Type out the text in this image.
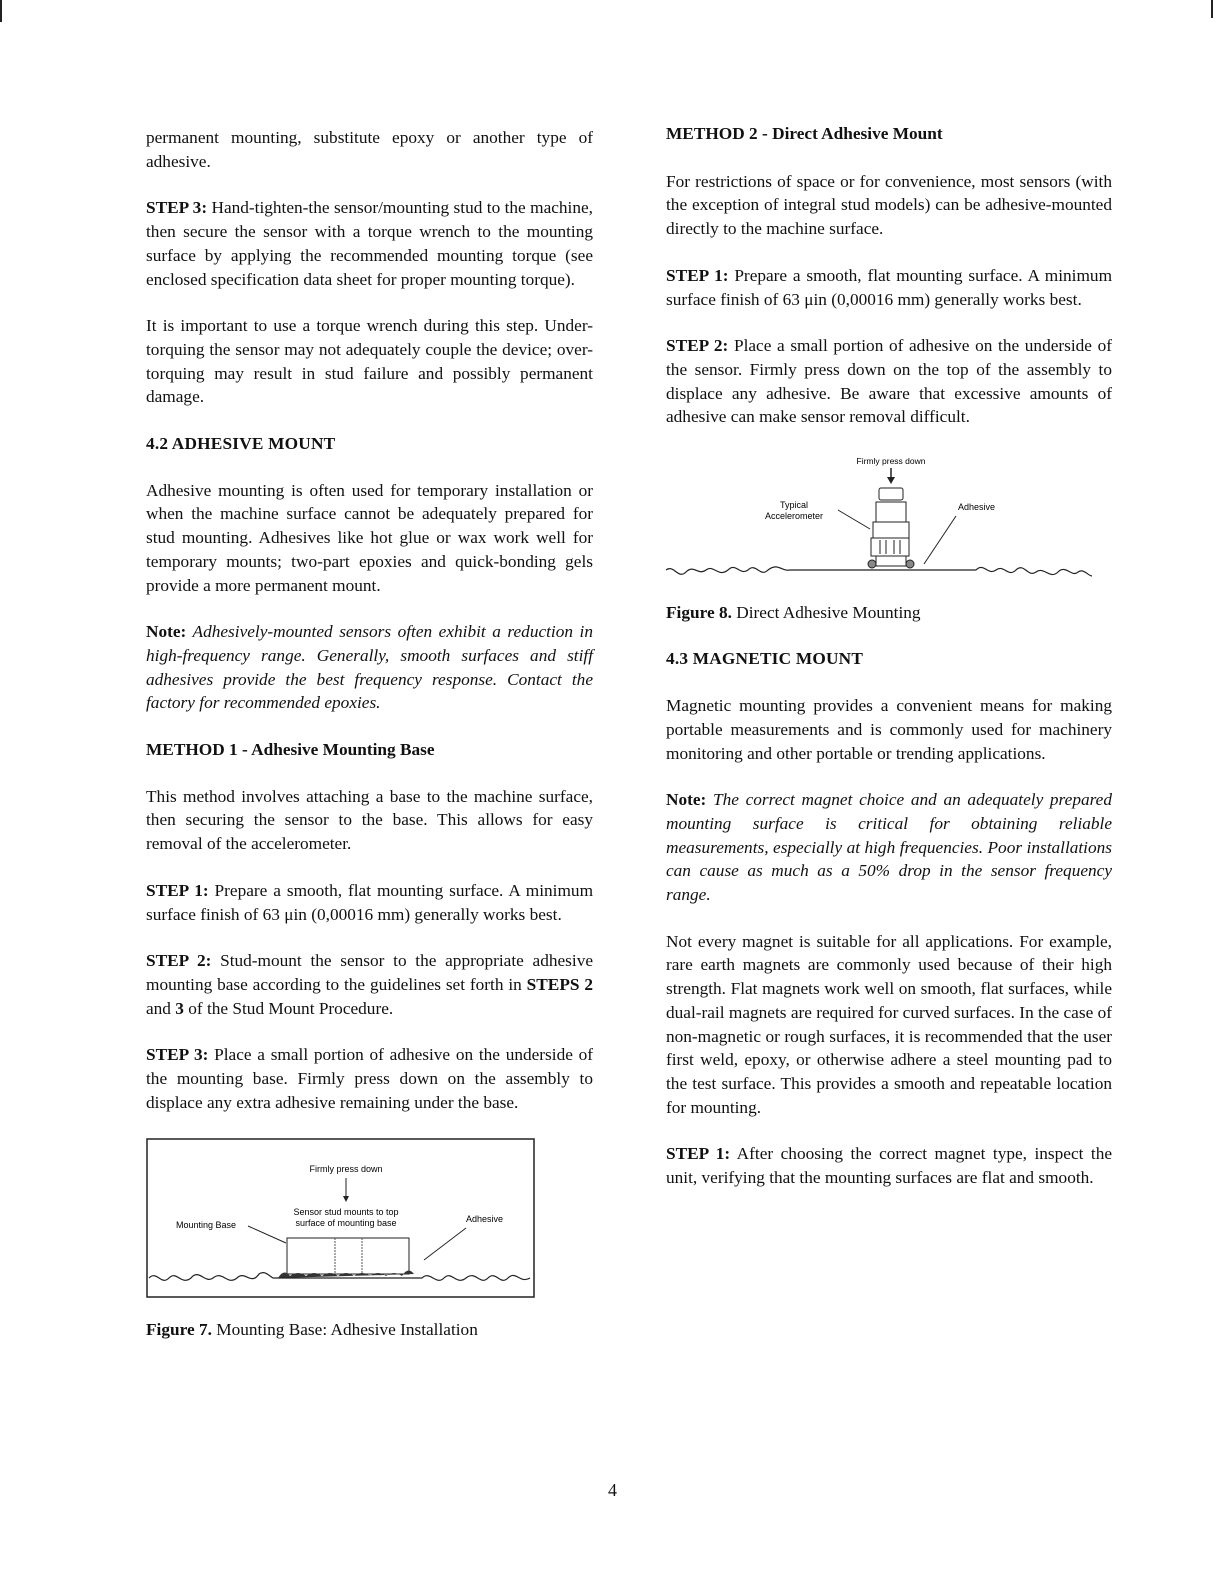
permanent mounting, substitute epoxy or another type of adhesive.

STEP 3: Hand-tighten-the sensor/mounting stud to the machine, then secure the sensor with a torque wrench to the mounting surface by applying the recommended mounting torque (see enclosed specification data sheet for proper mounting torque).

It is important to use a torque wrench during this step. Under-torquing the sensor may not adequately couple the device; over-torquing may result in stud failure and possibly permanent damage.

4.2 ADHESIVE MOUNT

Adhesive mounting is often used for temporary installation or when the machine surface cannot be adequately prepared for stud mounting. Adhesives like hot glue or wax work well for temporary mounts; two-part epoxies and quick-bonding gels provide a more permanent mount.

Note: Adhesively-mounted sensors often exhibit a reduction in high-frequency range. Generally, smooth surfaces and stiff adhesives provide the best frequency response. Contact the factory for recommended epoxies.

METHOD 1 - Adhesive Mounting Base

This method involves attaching a base to the machine surface, then securing the sensor to the base. This allows for easy removal of the accelerometer.

STEP 1: Prepare a smooth, flat mounting surface. A minimum surface finish of 63 μin (0,00016 mm) generally works best.

STEP 2: Stud-mount the sensor to the appropriate adhesive mounting base according to the guidelines set forth in STEPS 2 and 3 of the Stud Mount Procedure.

STEP 3: Place a small portion of adhesive on the underside of the mounting base. Firmly press down on the assembly to displace any extra adhesive remaining under the base.

Firmly press down
Sensor stud mounts to top
surface of mounting base
Mounting Base
Adhesive

Figure 7. Mounting Base: Adhesive Installation

METHOD 2 - Direct Adhesive Mount

For restrictions of space or for convenience, most sensors (with the exception of integral stud models) can be adhesive-mounted directly to the machine surface.

STEP 1: Prepare a smooth, flat mounting surface. A minimum surface finish of 63 μin (0,00016 mm) generally works best.

STEP 2: Place a small portion of adhesive on the underside of the sensor. Firmly press down on the top of the assembly to displace any adhesive. Be aware that excessive amounts of adhesive can make sensor removal difficult.

Firmly press down
Typical
Accelerometer
Adhesive

Figure 8. Direct Adhesive Mounting

4.3 MAGNETIC MOUNT

Magnetic mounting provides a convenient means for making portable measurements and is commonly used for machinery monitoring and other portable or trending applications.

Note: The correct magnet choice and an adequately prepared mounting surface is critical for obtaining reliable measurements, especially at high frequencies. Poor installations can cause as much as a 50% drop in the sensor frequency range.

Not every magnet is suitable for all applications. For example, rare earth magnets are commonly used because of their high strength. Flat magnets work well on smooth, flat surfaces, while dual-rail magnets are required for curved surfaces. In the case of non-magnetic or rough surfaces, it is recommended that the user first weld, epoxy, or otherwise adhere a steel mounting pad to the test surface. This provides a smooth and repeatable location for mounting.

STEP 1: After choosing the correct magnet type, inspect the unit, verifying that the mounting surfaces are flat and smooth.

4
